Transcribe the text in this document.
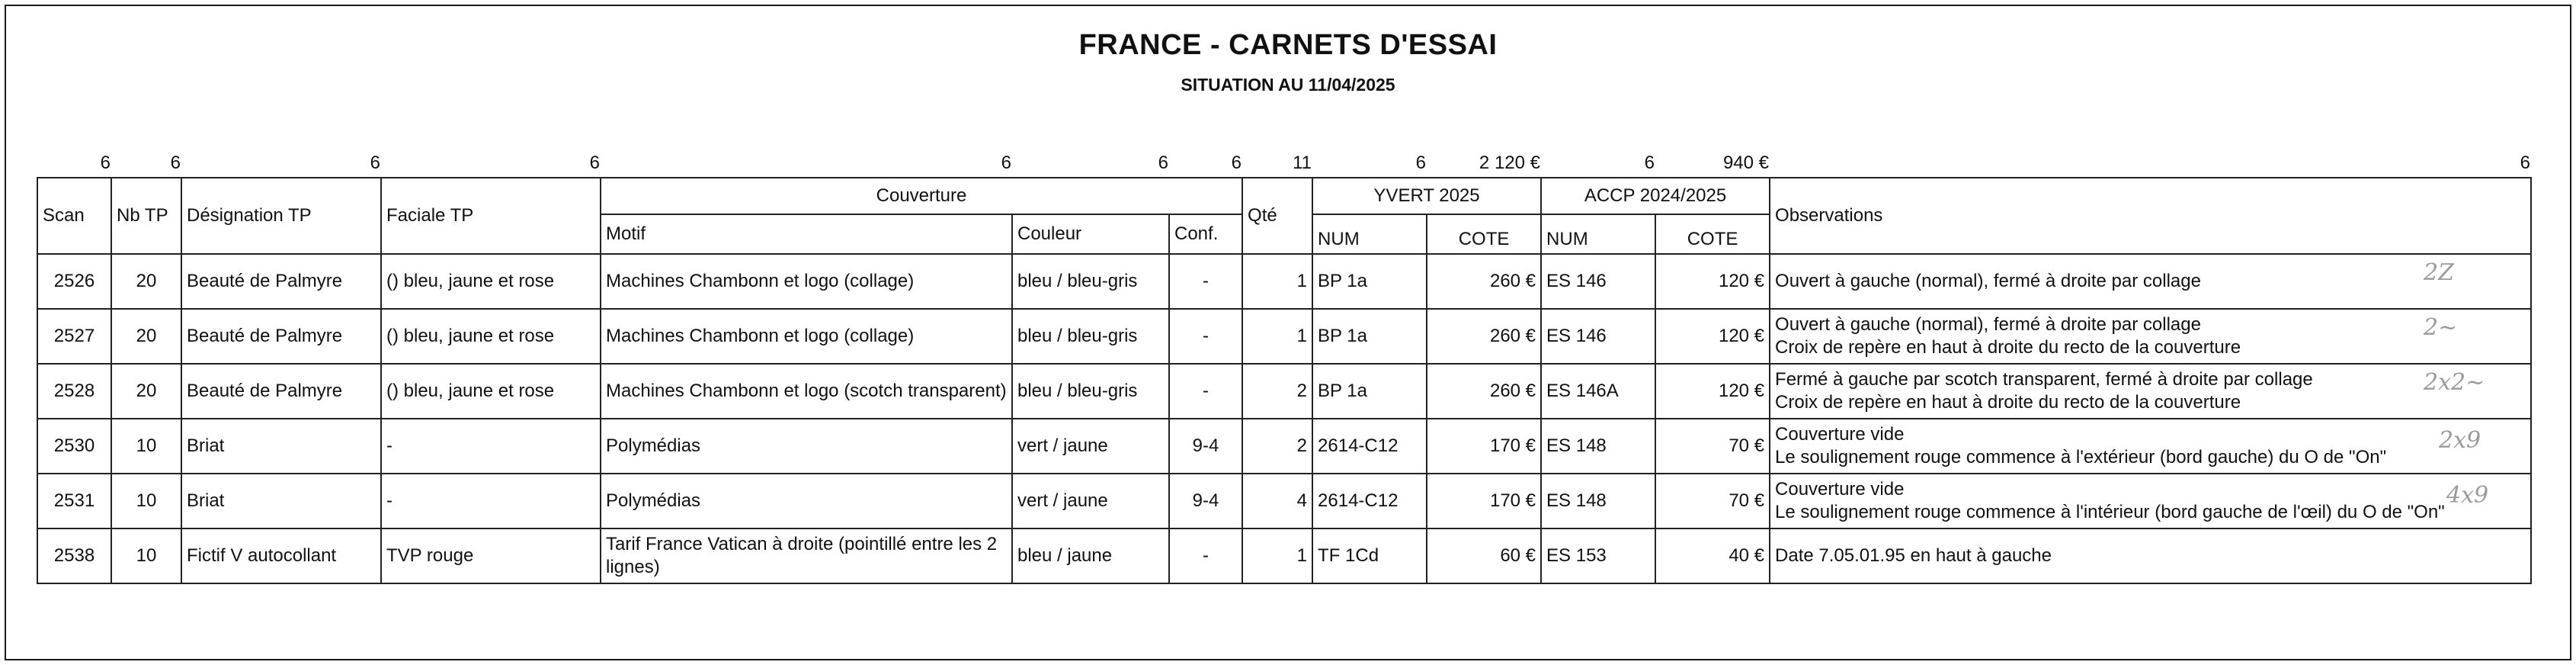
FRANCE - CARNETS D'ESSAI
SITUATION AU 11/04/2025
6	6	6	6	6	6	6	11	6	2 120 €	6	940 €	6
Scan	Nb TP	Désignation TP	Faciale TP	Couverture			Qté	YVERT 2025		ACCP 2024/2025		Observations
				Motif	Couleur	Conf.		NUM	COTE	NUM	COTE	
2526	20	Beauté de Palmyre	() bleu, jaune et rose	Machines Chambonn et logo (collage)	bleu / bleu-gris	-	1	BP 1a	260 €	ES 146	120 €	Ouvert à gauche (normal), fermé à droite par collage

2527	20	Beauté de Palmyre	() bleu, jaune et rose	Machines Chambonn et logo (collage)	bleu / bleu-gris	-	1	BP 1a	260 €	ES 146	120 €	Ouvert à gauche (normal), fermé à droite par collage
Croix de repère en haut à droite du recto de la couverture

2528	20	Beauté de Palmyre	() bleu, jaune et rose	Machines Chambonn et logo (scotch transparent)	bleu / bleu-gris	-	2	BP 1a	260 €	ES 146A	120 €	Fermé à gauche par scotch transparent, fermé à droite par collage
Croix de repère en haut à droite du recto de la couverture

2530	10	Briat	-	Polymédias	vert / jaune	9-4	2	2614-C12	170 €	ES 148	70 €	Couverture vide
Le soulignement rouge commence à l'extérieur (bord gauche) du O de "On"

2531	10	Briat	-	Polymédias	vert / jaune	9-4	4	2614-C12	170 €	ES 148	70 €	Couverture vide
Le soulignement rouge commence à l'intérieur (bord gauche de l'œil) du O de "On"

2538	10	Fictif V autocollant	TVP rouge	Tarif France Vatican à droite (pointillé entre les 2 lignes)	bleu / jaune	-	1	TF 1Cd	60 €	ES 153	40 €	Date 7.05.01.95 en haut à gauche
2Z
2~
2x2~
2x9
4x9
